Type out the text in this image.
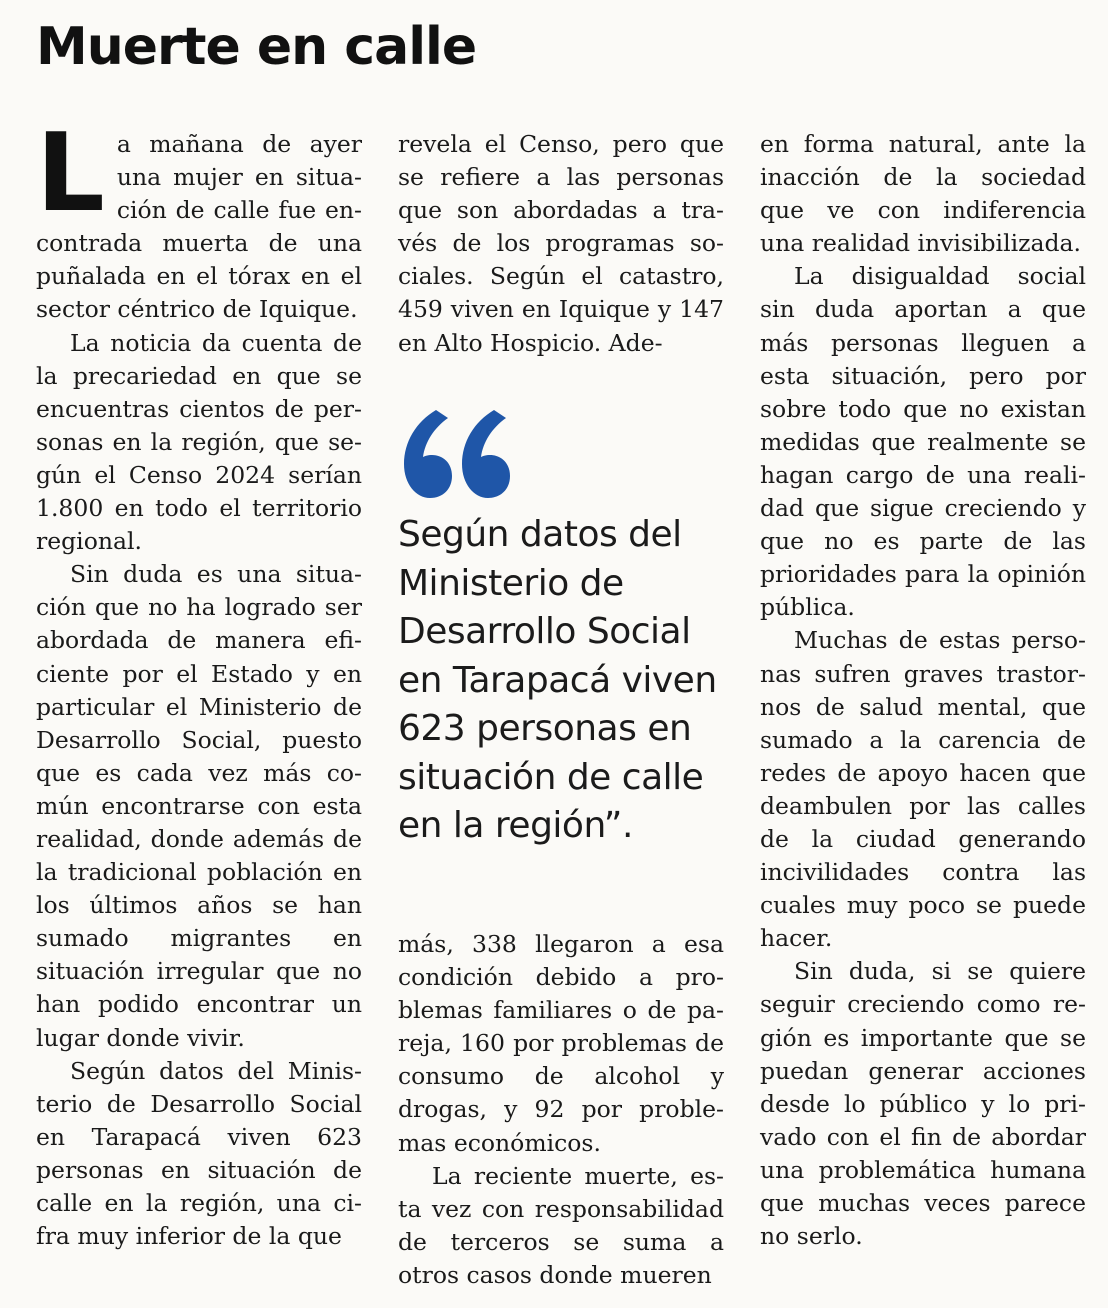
Muerte en calle

La mañana de ayer una mujer en situación de calle fue encontrada muerta de una puñalada en el tórax en el sector céntrico de Iquique.

La noticia da cuenta de la precariedad en que se encuentras cientos de personas en la región, que según el Censo 2024 serían 1.800 en todo el territorio regional.

Sin duda es una situación que no ha logrado ser abordada de manera eficiente por el Estado y en particular el Ministerio de Desarrollo Social, puesto que es cada vez más común encontrarse con esta realidad, donde además de la tradicional población en los últimos años se han sumado migrantes en situación irregular que no han podido encontrar un lugar donde vivir.

Según datos del Ministerio de Desarrollo Social en Tarapacá viven 623 personas en situación de calle en la región, una cifra muy inferior de la que

revela el Censo, pero que se refiere a las personas que son abordadas a través de los programas sociales. Según el catastro, 459 viven en Iquique y 147 en Alto Hospicio. Ade-

Según datos del Ministerio de Desarrollo Social en Tarapacá viven 623 personas en situación de calle en la región”.

más, 338 llegaron a esa condición debido a problemas familiares o de pareja, 160 por problemas de consumo de alcohol y drogas, y 92 por problemas económicos.

La reciente muerte, esta vez con responsabilidad de terceros se suma a otros casos donde mueren

en forma natural, ante la inacción de la sociedad que ve con indiferencia una realidad invisibilizada.

La disigualdad social sin duda aportan a que más personas lleguen a esta situación, pero por sobre todo que no existan medidas que realmente se hagan cargo de una realidad que sigue creciendo y que no es parte de las prioridades para la opinión pública.

Muchas de estas personas sufren graves trastornos de salud mental, que sumado a la carencia de redes de apoyo hacen que deambulen por las calles de la ciudad generando incivilidades contra las cuales muy poco se puede hacer.

Sin duda, si se quiere seguir creciendo como región es importante que se puedan generar acciones desde lo público y lo privado con el fin de abordar una problemática humana que muchas veces parece no serlo.
